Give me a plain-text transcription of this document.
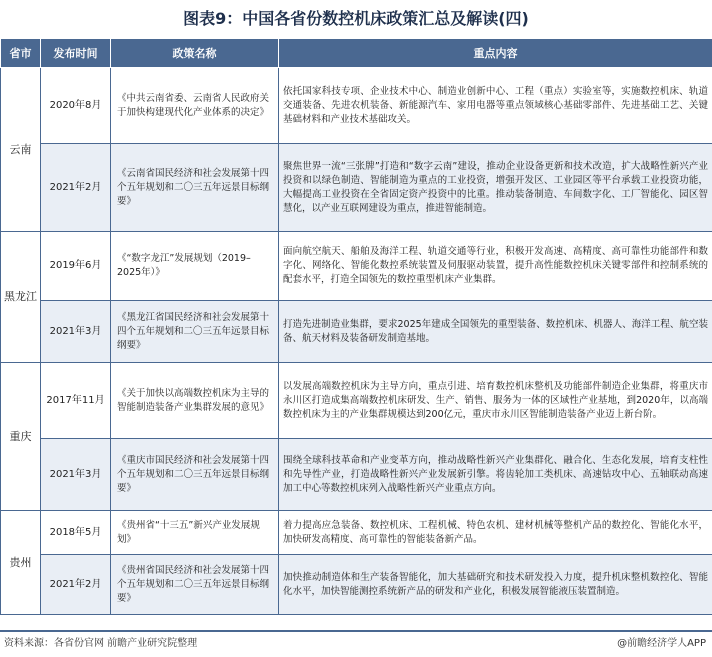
图表9：中国各省份数控机床政策汇总及解读(四)
省市	发布时间	政策名称	重点内容
云南	2020年8月	《中共云南省委、云南省人民政府关于加快构建现代化产业体系的决定》	依托国家科技专项、企业技术中心、制造业创新中心、工程（重点）实验室等，实施数控机床、轨道交通装备、先进农机装备、新能源汽车、家用电器等重点领域核心基础零部件、先进基础工艺、关键基础材料和产业技术基础攻关。
	2021年2月	《云南省国民经济和社会发展第十四个五年规划和二〇三五年远景目标纲要》	聚焦世界一流“三张牌”打造和“数字云南”建设，推动企业设备更新和技术改造，扩大战略性新兴产业投资和以绿色制造、智能制造为重点的工业投资，增强开发区、工业园区等平台承载工业投资功能，大幅提高工业投资在全省固定资产投资中的比重。推动装备制造、车间数字化、工厂智能化、园区智慧化，以产业互联网建设为重点，推进智能制造。
黑龙江	2019年6月	《“数字龙江”发展规划（2019–2025年）》	面向航空航天、船舶及海洋工程、轨道交通等行业，积极开发高速、高精度、高可靠性功能部件和数字化、网络化、智能化数控系统装置及伺服驱动装置，提升高性能数控机床关键零部件和控制系统的配套水平，打造全国领先的数控重型机床产业集群。
	2021年3月	《黑龙江省国民经济和社会发展第十四个五年规划和二〇三五年远景目标纲要》	打造先进制造业集群，要求2025年建成全国领先的重型装备、数控机床、机器人、海洋工程、航空装备、航天材料及装备研发制造基地。
重庆	2017年11月	《关于加快以高端数控机床为主导的智能制造装备产业集群发展的意见》	以发展高端数控机床为主导方向，重点引进、培育数控机床整机及功能部件制造企业集群，将重庆市永川区打造成集高端数控机床研发、生产、销售、服务为一体的区域性产业基地，到2020年，以高端数控机床为主的产业集群规模达到200亿元，重庆市永川区智能制造装备产业迈上新台阶。
	2021年3月	《重庆市国民经济和社会发展第十四个五年规划和二〇三五年远景目标纲要》	围绕全球科技革命和产业变革方向，推动战略性新兴产业集群化、融合化、生态化发展，培育支柱性和先导性产业，打造战略性新兴产业发展新引擎。将齿轮加工类机床、高速钻攻中心、五轴联动高速加工中心等数控机床列入战略性新兴产业重点方向。
贵州	2018年5月	《贵州省“十三五”新兴产业发展规划》	着力提高应急装备、数控机床、工程机械、特色农机、建材机械等整机产品的数控化、智能化水平，加快研发高精度、高可靠性的智能装备新产品。
	2021年2月	《贵州省国民经济和社会发展第十四个五年规划和二〇三五年远景目标纲要》	加快推动制造体和生产装备智能化，加大基础研究和技术研发投入力度，提升机床整机数控化、智能化水平，加快智能测控系统新产品的研发和产业化，积极发展智能液压装置制造。
资料来源：各省份官网 前瞻产业研究院整理	@前瞻经济学人APP
